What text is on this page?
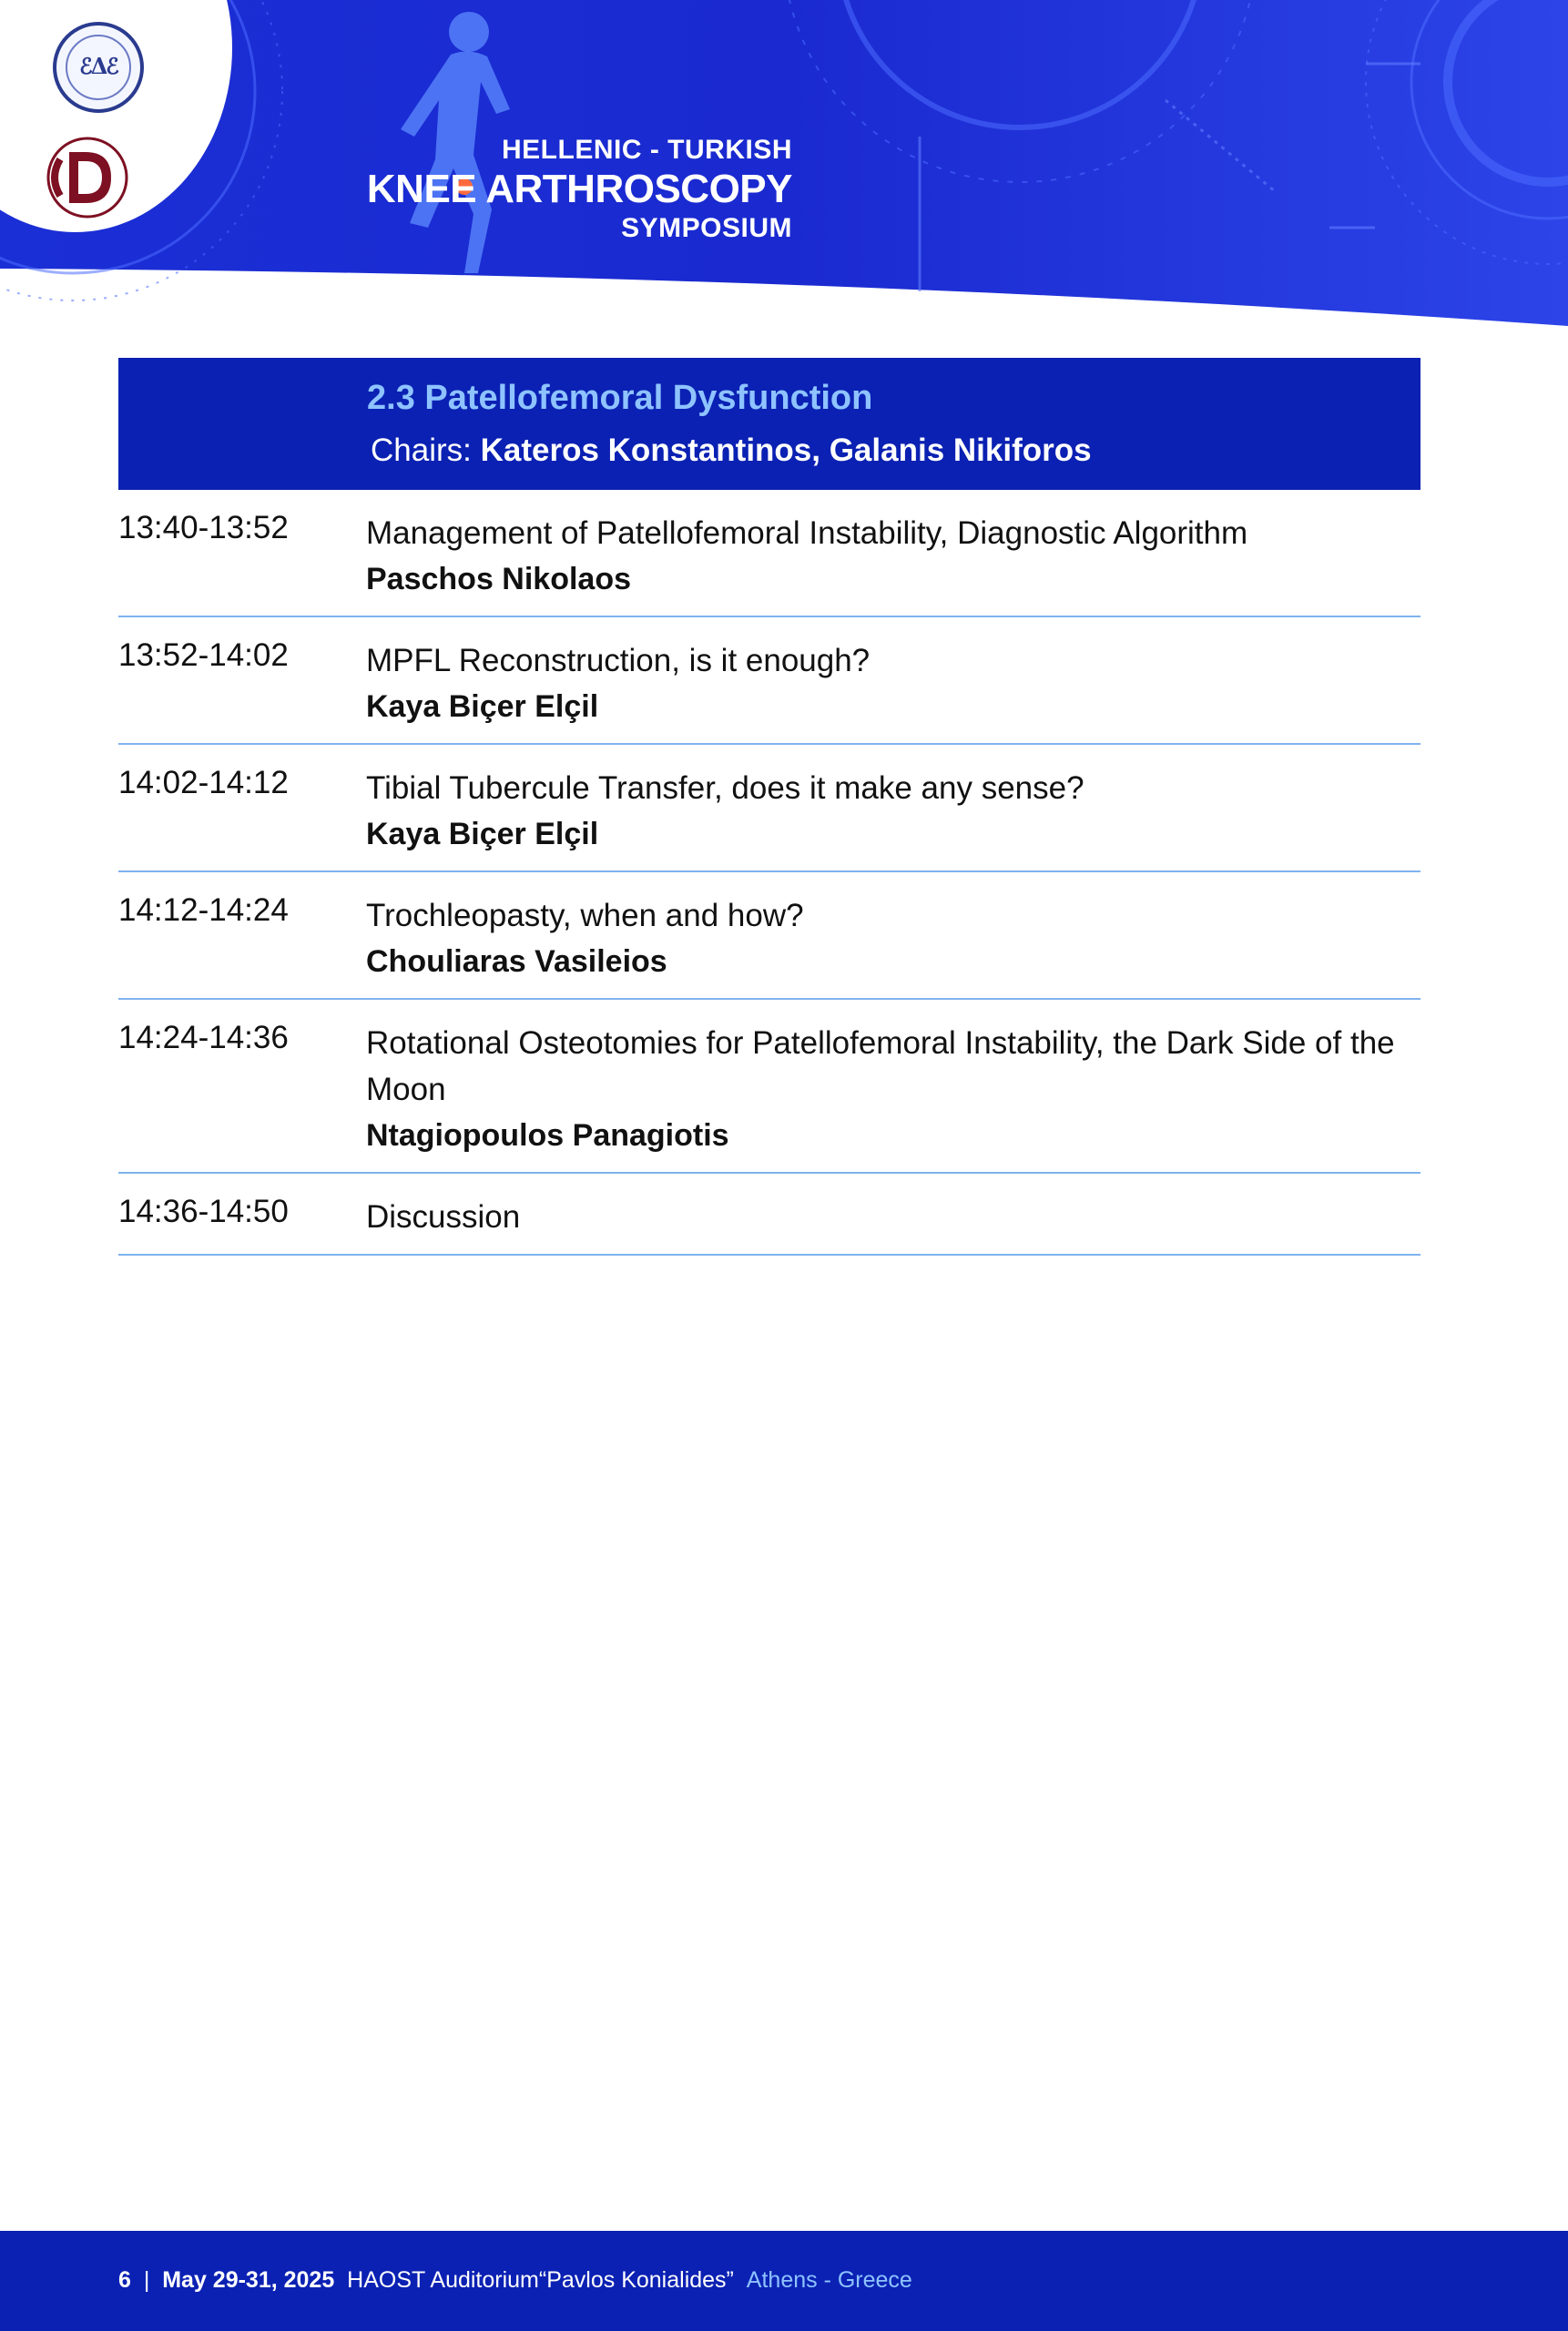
ℰΔℰ
HELLENIC - TURKISH
KNEE ARTHROSCOPY
SYMPOSIUM
2.3 Patellofemoral Dysfunction
Chairs: Kateros Konstantinos, Galanis Nikiforos
13:40-13:52 Management of Patellofemoral Instability, Diagnostic Algorithm
Paschos Nikolaos
13:52-14:02 MPFL Reconstruction, is it enough?
Kaya Biçer Elçil
14:02-14:12 Tibial Tubercule Transfer, does it make any sense?
Kaya Biçer Elçil
14:12-14:24 Trochleopasty, when and how?
Chouliaras Vasileios
14:24-14:36 Rotational Osteotomies for Patellofemoral Instability, the Dark Side of the Moon
Ntagiopoulos Panagiotis
14:36-14:50 Discussion
6 | May 29-31, 2025 HAOST Auditorium“Pavlos Konialides” Athens - Greece
